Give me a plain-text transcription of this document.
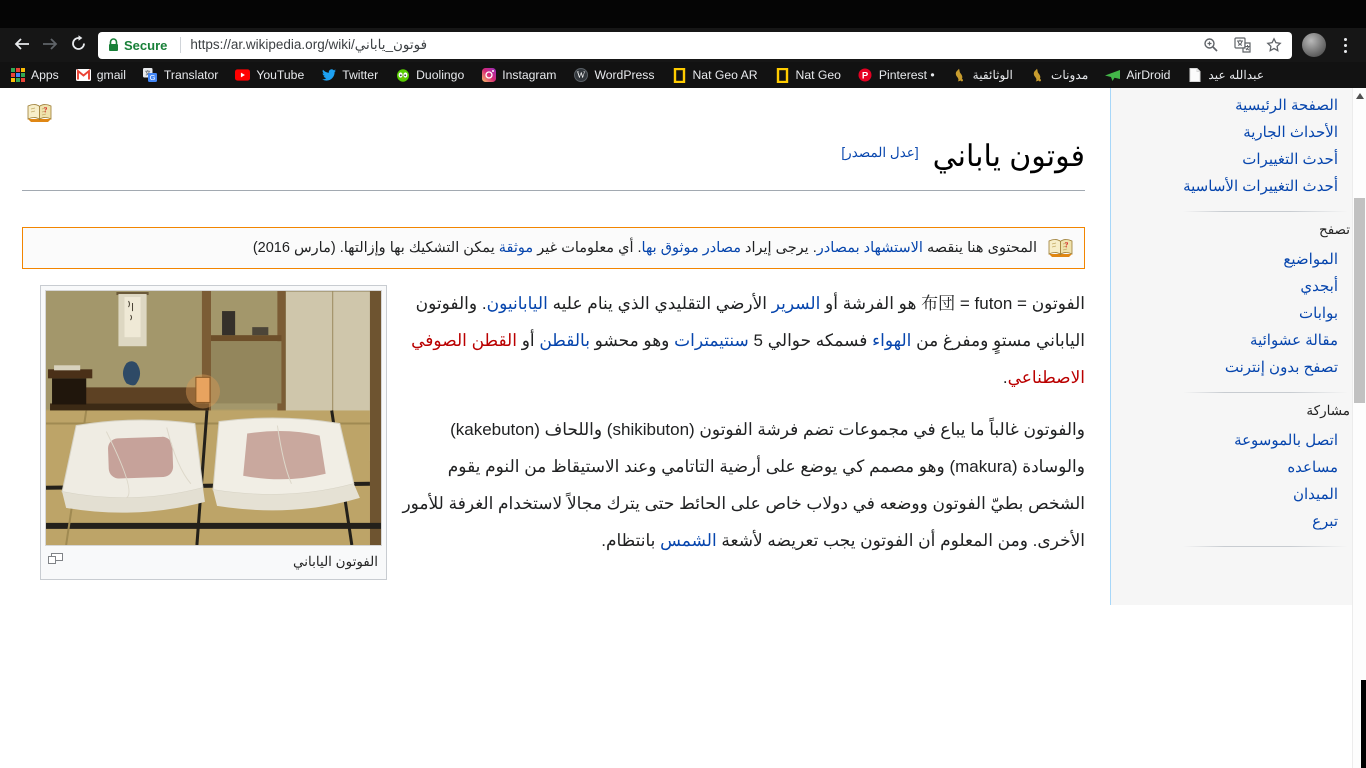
Secure https://ar.wikipedia.org/wiki/فوتون_ياباني
Apps	gmail	G Translator	YouTube	Twitter	Duolingo	Instagram W WordPress	Nat Geo AR	Nat Geo P Pinterest •	الوثائقية	مدونات	AirDroid	عبدالله عيد
الصفحة الرئيسية
الأحداث الجارية
أحدث التغييرات
أحدث التغييرات الأساسية
تصفح
المواضيع
أبجدي
بوابات
مقالة عشوائية
تصفح بدون إنترنت
مشاركة
اتصل بالموسوعة
مساعده
الميدان
تبرع
?
فوتون ياباني[عدل المصدر]
?
المحتوى هنا ينقصه الاستشهاد بمصادر. يرجى إيراد مصادر موثوق بها. أي معلومات غير موثقة يمكن التشكيك بها وإزالتها. (مارس 2016)
الفوتون الياباني

الفوتون = 布団 = futon هو الفرشة أو السرير الأرضي التقليدي الذي ينام عليه اليابانيون. والفوتون الياباني مستوٍ ومفرغ من الهواء فسمكه حوالي 5 سنتيمترات وهو محشو بالقطن أو القطن الصوفي الاصطناعي.

والفوتون غالباً ما يباع في مجموعات تضم فرشة الفوتون (shikibuton) واللحاف (kakebuton) والوسادة (makura) وهو مصمم كي يوضع على أرضية التاتامي وعند الاستيقاظ من النوم يقوم الشخص بطيّ الفوتون ووضعه في دولاب خاص على الحائط حتى يترك مجالاً لاستخدام الغرفة للأمور الأخرى. ومن المعلوم أن الفوتون يجب تعريضه لأشعة الشمس بانتظام.
